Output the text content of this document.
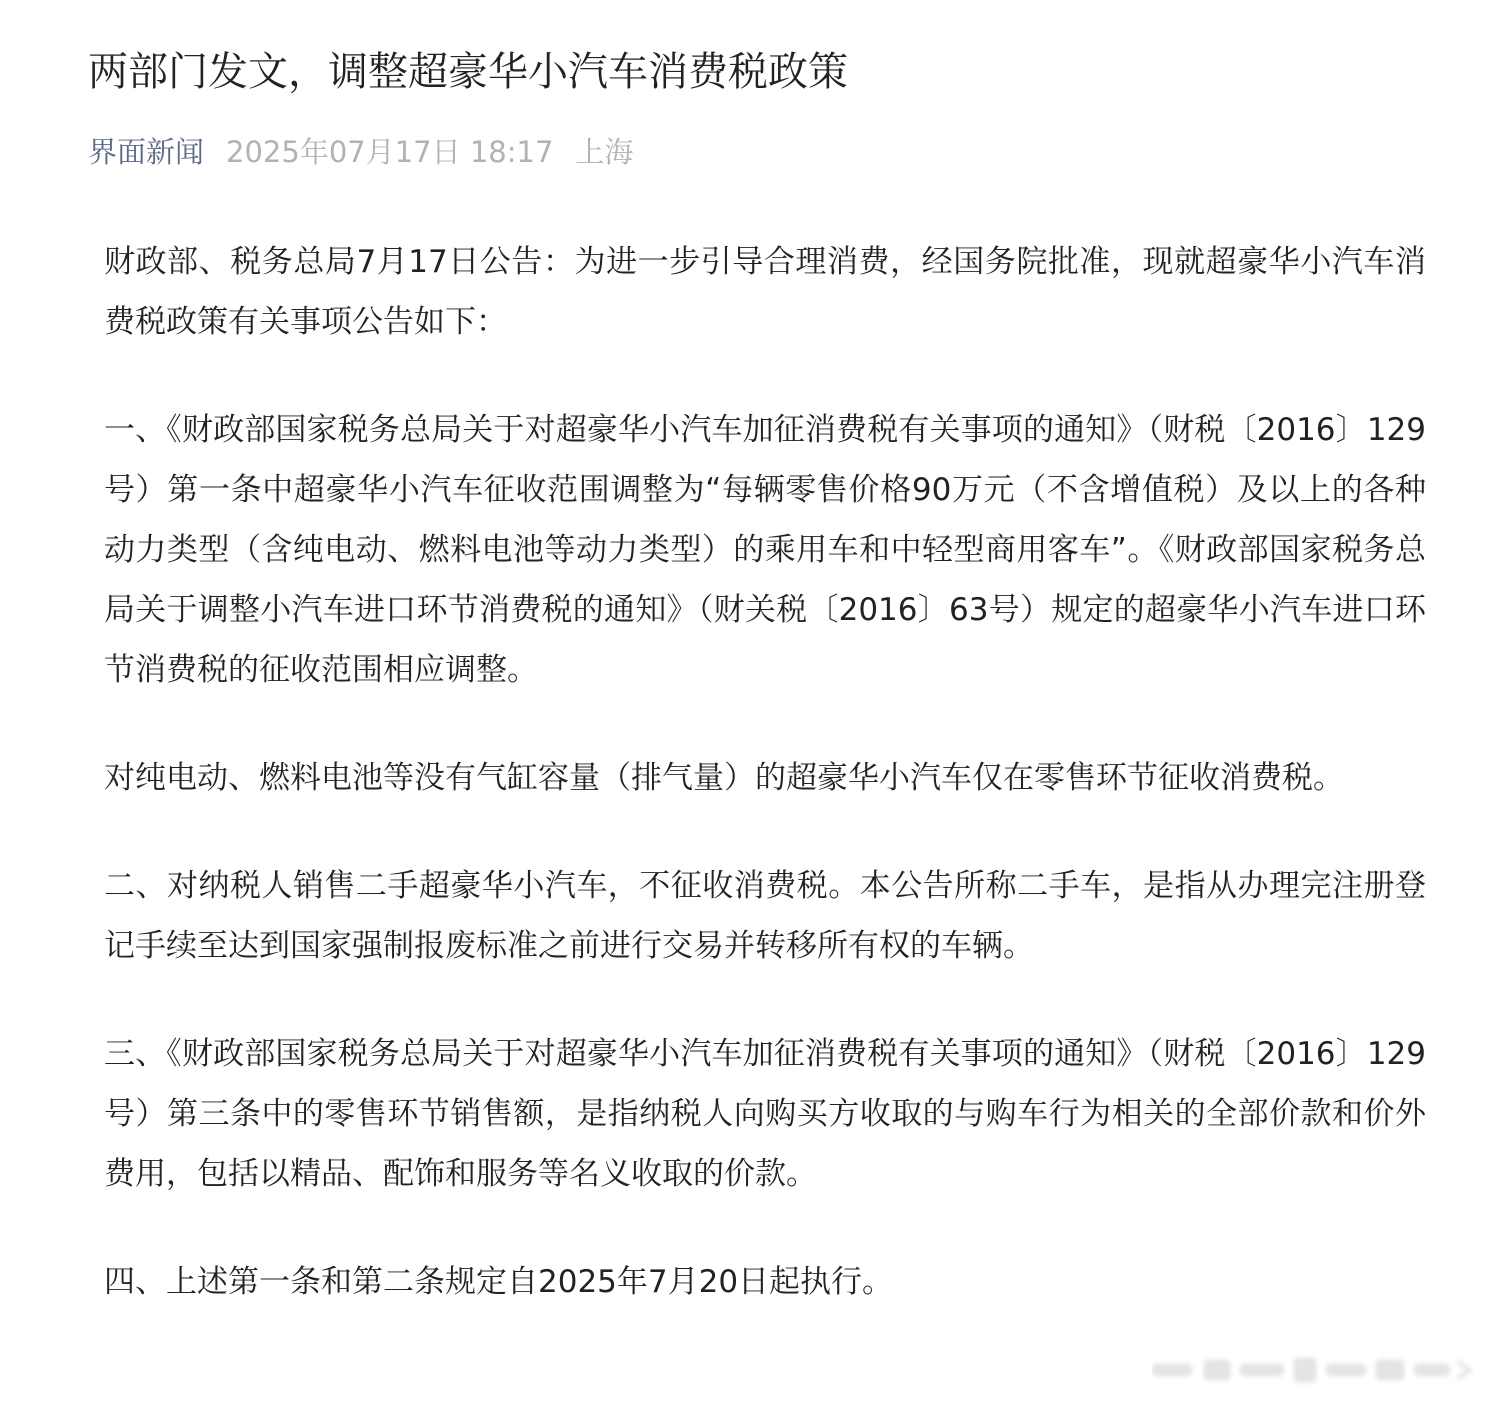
两部门发文，调整超豪华小汽车消费税政策
界面新闻 2025年07月17日 18:17 上海

财政部、税务总局7月17日公告：为进一步引导合理消费，经国务院批准，现就超豪华小汽车消费税政策有关事项公告如下：

一、《财政部国家税务总局关于对超豪华小汽车加征消费税有关事项的通知》（财税〔2016〕129号）第一条中超豪华小汽车征收范围调整为“每辆零售价格90万元（不含增值税）及以上的各种动力类型（含纯电动、燃料电池等动力类型）的乘用车和中轻型商用客车”。《财政部国家税务总局关于调整小汽车进口环节消费税的通知》（财关税〔2016〕63号）规定的超豪华小汽车进口环节消费税的征收范围相应调整。

对纯电动、燃料电池等没有气缸容量（排气量）的超豪华小汽车仅在零售环节征收消费税。

二、对纳税人销售二手超豪华小汽车，不征收消费税。本公告所称二手车，是指从办理完注册登记手续至达到国家强制报废标准之前进行交易并转移所有权的车辆。

三、《财政部国家税务总局关于对超豪华小汽车加征消费税有关事项的通知》（财税〔2016〕129号）第三条中的零售环节销售额，是指纳税人向购买方收取的与购车行为相关的全部价款和价外费用，包括以精品、配饰和服务等名义收取的价款。

四、上述第一条和第二条规定自2025年7月20日起执行。
